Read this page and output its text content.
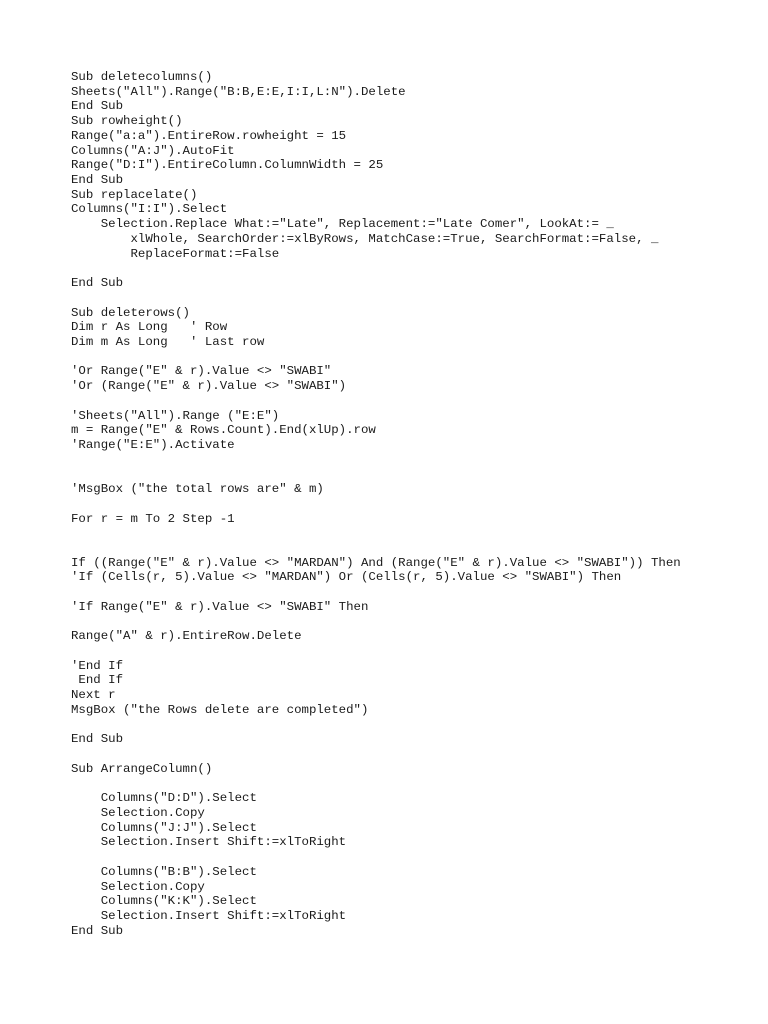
Sub deletecolumns()
Sheets("All").Range("B:B,E:E,I:I,L:N").Delete
End Sub
Sub rowheight()
Range("a:a").EntireRow.rowheight = 15
Columns("A:J").AutoFit
Range("D:I").EntireColumn.ColumnWidth = 25
End Sub
Sub replacelate()
Columns("I:I").Select
Selection.Replace What:="Late", Replacement:="Late Comer", LookAt:= _
xlWhole, SearchOrder:=xlByRows, MatchCase:=True, SearchFormat:=False, _
ReplaceFormat:=False
End Sub
Sub deleterows()
Dim r As Long   ' Row
Dim m As Long   ' Last row
'Or Range("E" & r).Value <> "SWABI"
'Or (Range("E" & r).Value <> "SWABI")
'Sheets("All").Range ("E:E")
m = Range("E" & Rows.Count).End(xlUp).row
'Range("E:E").Activate
'MsgBox ("the total rows are" & m)
For r = m To 2 Step -1
If ((Range("E" & r).Value <> "MARDAN") And (Range("E" & r).Value <> "SWABI")) Then
'If (Cells(r, 5).Value <> "MARDAN") Or (Cells(r, 5).Value <> "SWABI") Then
'If Range("E" & r).Value <> "SWABI" Then
Range("A" & r).EntireRow.Delete
'End If
End If
Next r
MsgBox ("the Rows delete are completed")
End Sub
Sub ArrangeColumn()
Columns("D:D").Select
Selection.Copy
Columns("J:J").Select
Selection.Insert Shift:=xlToRight
Columns("B:B").Select
Selection.Copy
Columns("K:K").Select
Selection.Insert Shift:=xlToRight
End Sub
